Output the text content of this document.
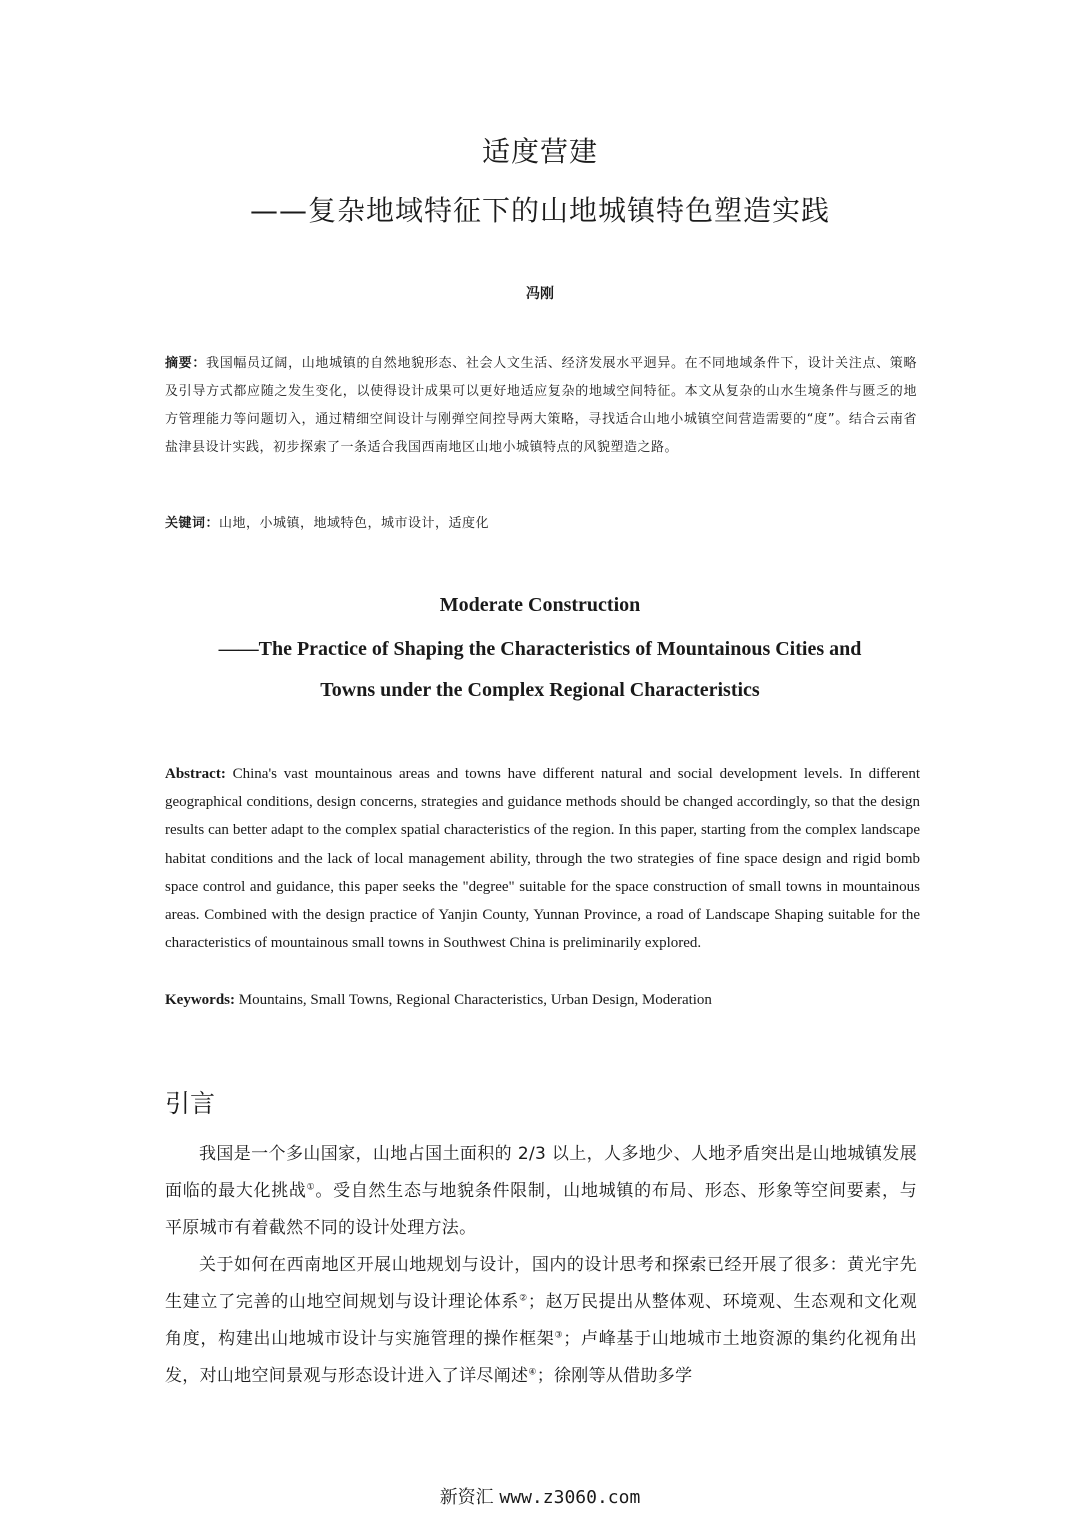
适度营建
——复杂地域特征下的山地城镇特色塑造实践
冯刚
摘要：我国幅员辽阔，山地城镇的自然地貌形态、社会人文生活、经济发展水平迥异。在不同地域条件下，设计关注点、策略及引导方式都应随之发生变化，以使得设计成果可以更好地适应复杂的地域空间特征。本文从复杂的山水生境条件与匮乏的地方管理能力等问题切入，通过精细空间设计与刚弹空间控导两大策略，寻找适合山地小城镇空间营造需要的“度”。结合云南省盐津县设计实践，初步探索了一条适合我国西南地区山地小城镇特点的风貌塑造之路。
关键词：山地，小城镇，地域特色，城市设计，适度化
Moderate Construction
——The Practice of Shaping the Characteristics of Mountainous Cities and
Towns under the Complex Regional Characteristics
Abstract: China's vast mountainous areas and towns have different natural and social development levels. In different geographical conditions, design concerns, strategies and guidance methods should be changed accordingly, so that the design results can better adapt to the complex spatial characteristics of the region. In this paper, starting from the complex landscape habitat conditions and the lack of local management ability, through the two strategies of fine space design and rigid bomb space control and guidance, this paper seeks the "degree" suitable for the space construction of small towns in mountainous areas. Combined with the design practice of Yanjin County, Yunnan Province, a road of Landscape Shaping suitable for the characteristics of mountainous small towns in Southwest China is preliminarily explored.
Keywords: Mountains, Small Towns, Regional Characteristics, Urban Design, Moderation
引言
我国是一个多山国家，山地占国土面积的 2/3 以上，人多地少、人地矛盾突出是山地城镇发展面临的最大化挑战①。受自然生态与地貌条件限制，山地城镇的布局、形态、形象等空间要素，与平原城市有着截然不同的设计处理方法。
关于如何在西南地区开展山地规划与设计，国内的设计思考和探索已经开展了很多：黄光宇先生建立了完善的山地空间规划与设计理论体系②；赵万民提出从整体观、环境观、生态观和文化观角度，构建出山地城市设计与实施管理的操作框架③；卢峰基于山地城市土地资源的集约化视角出发，对山地空间景观与形态设计进入了详尽阐述④；徐刚等从借助多学
新资汇 www.z3060.com
